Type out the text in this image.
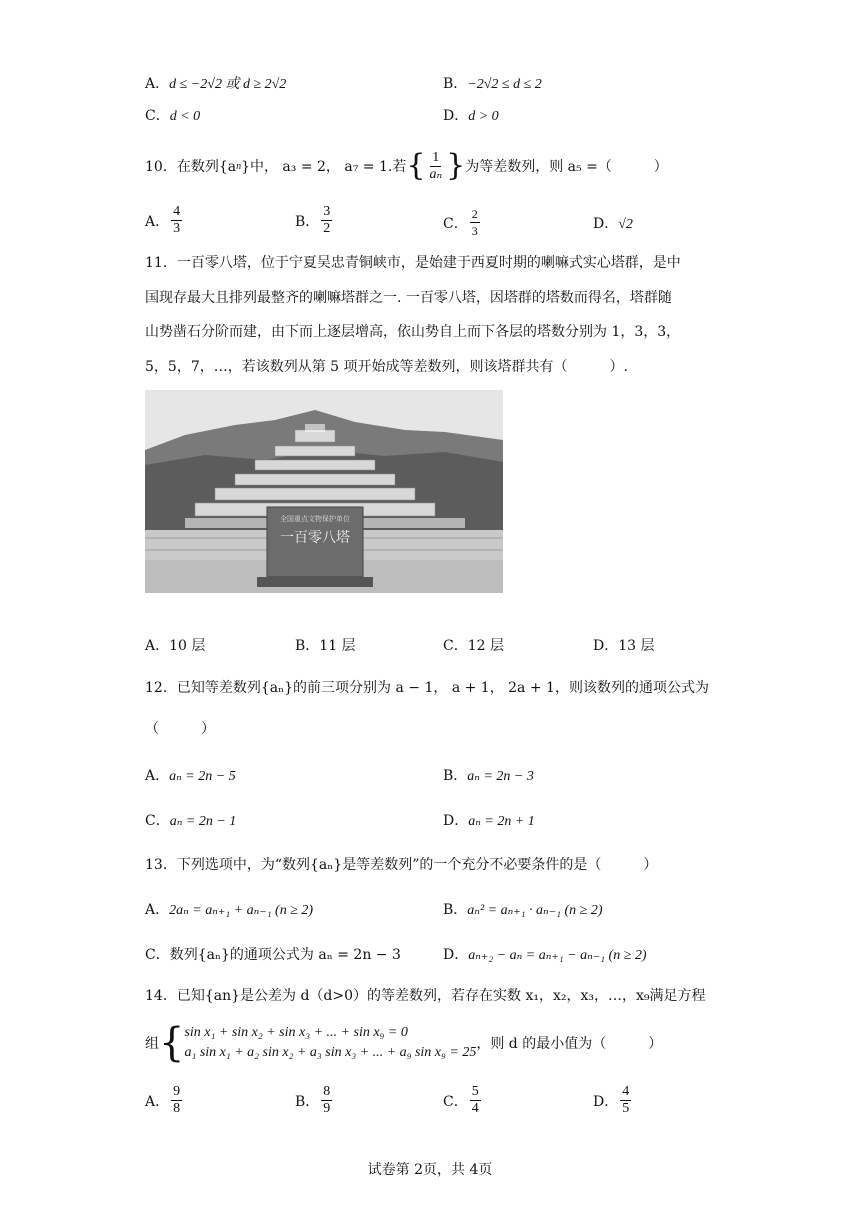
A．d ≤ −2√2 或 d ≥ 2√2	B．−2√2 ≤ d ≤ 2
C．d < 0	D．d > 0
10．在数列{a n }中， a₃ = 2， a₇ = 1.若 { $\frac{1}{\text{aₙ}}$ } 为等差数列，则 a₅ =（　　　）
A． $\frac{4}{3}$	B． $\frac{3}{2}$	C． $\frac{2}{3}$	D．√2
11．一百零八塔，位于宁夏吴忠青铜峡市，是始建于西夏时期的喇嘛式实心塔群，是中
国现存最大且排列最整齐的喇嘛塔群之一. 一百零八塔，因塔群的塔数而得名，塔群随
山势凿石分阶而建，由下而上逐层增高，依山势自上而下各层的塔数分别为 1，3，3，
5，5，7，…，若该数列从第 5 项开始成等差数列，则该塔群共有（　　　）.
全国重点文物保护单位
一百零八塔
A．10 层	B．11 层	C．12 层	D．13 层
12．已知等差数列{aₙ}的前三项分别为 a − 1， a + 1， 2a + 1，则该数列的通项公式为
（　　　）
A．aₙ = 2n − 5	B．aₙ = 2n − 3
C．aₙ = 2n − 1	D．aₙ = 2n + 1
13．下列选项中，为“数列{aₙ}是等差数列”的一个充分不必要条件的是（　　　）
A．2aₙ = aₙ₊₁ + aₙ₋₁ (n ≥ 2)	B．aₙ² = aₙ₊₁ · aₙ₋₁ (n ≥ 2)
C．数列{aₙ}的通项公式为 aₙ = 2n − 3	D．aₙ₊₂ − aₙ = aₙ₊₁ − aₙ₋₁ (n ≥ 2)
14．已知{an}是公差为 d（d>0）的等差数列，若存在实数 x₁，x₂，x₃，…，x₉满足方程
组 { sin x₁ + sin x₂ + sin x₃ + ... + sin x₉ = 0
a₁ sin x₁ + a₂ sin x₂ + a₃ sin x₃ + ... + a₉ sin x₉ = 25
，则 d 的最小值为（　　　）
A． $\frac{9}{8}$	B． $\frac{8}{9}$	C． $\frac{5}{4}$	D． $\frac{4}{5}$
试卷第 2页，共 4页
